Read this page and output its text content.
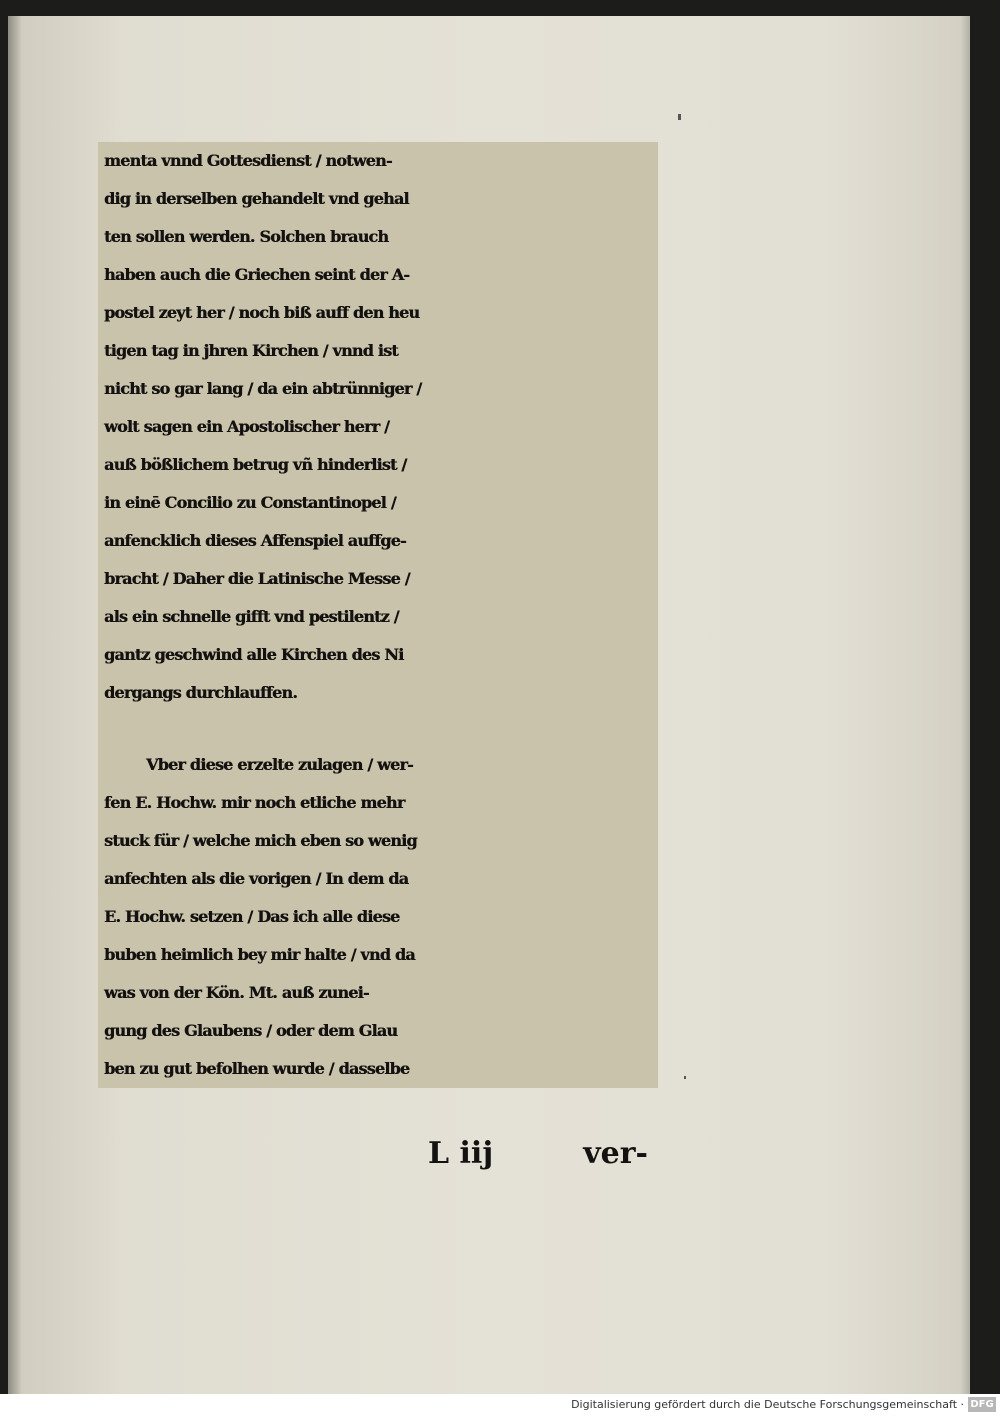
menta vnnd Gottesdienst / notwen-
dig in derselben gehandelt vnd gehal
ten sollen werden. Solchen brauch
haben auch die Griechen seint der A-
postel zeyt her / noch biß auff den heu
tigen tag in jhren Kirchen / vnnd ist
nicht so gar lang / da ein abtrünniger /
wolt sagen ein Apostolischer herr /
auß bößlichem betrug vñ hinderlist /
in einē Concilio zu Constantinopel /
anfencklich dieses Affenspiel auffge-
bracht / Daher die Latinische Messe /
als ein schnelle gifft vnd pestilentz /
gantz geschwind alle Kirchen des Ni
dergangs durchlauffen.
Vber diese erzelte zulagen / wer-
fen E. Hochw. mir noch etliche mehr
stuck für / welche mich eben so wenig
anfechten als die vorigen / In dem da
E. Hochw. setzen / Das ich alle diese
buben heimlich bey mir halte / vnd da
was von der Kön. Mt. auß zunei-
gung des Glaubens / oder dem Glau
ben zu gut befolhen wurde / dasselbe
L iij	ver-
Digitalisierung gefördert durch die Deutsche Forschungsgemeinschaft · DFG
